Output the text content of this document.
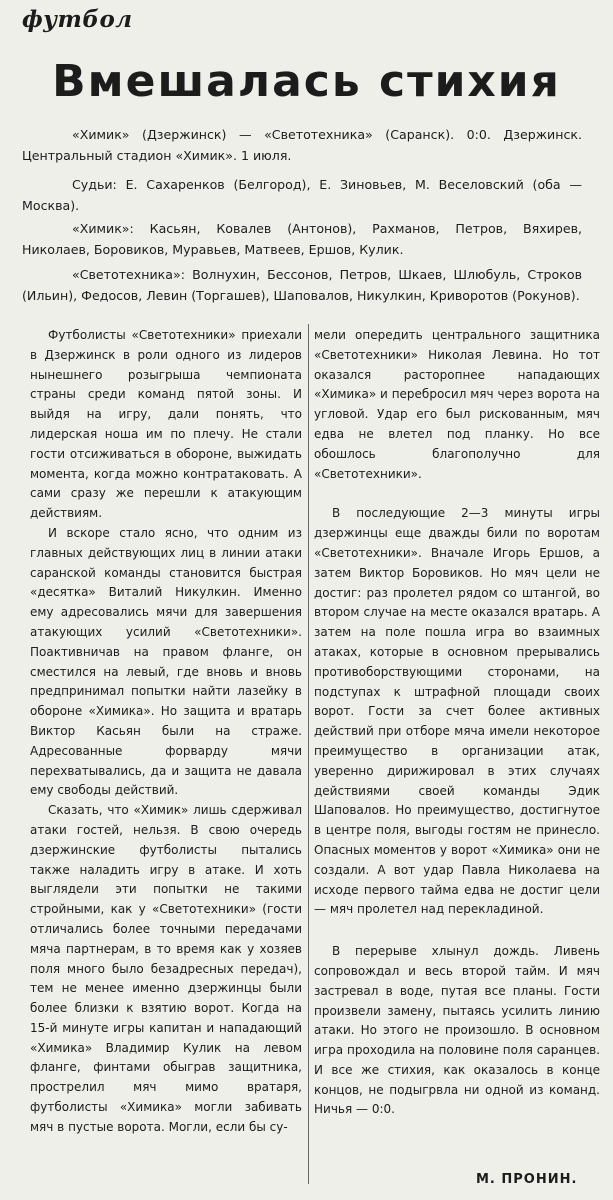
футбол
Вмешалась стихия

«Химик» (Дзержинск) — «Светотехника» (Саранск). 0:0. Дзержинск. Центральный стадион «Химик». 1 июля.

Судьи: Е. Сахаренков (Белгород), Е. Зиновьев, М. Веселовский (оба — Москва).

«Химик»: Касьян, Ковалев (Антонов), Рахманов, Петров, Вяхирев, Николаев, Боровиков, Муравьев, Матвеев, Ершов, Кулик.

«Светотехника»: Волнухин, Бессонов, Петров, Шкаев, Шлюбуль, Строков (Ильин), Федосов, Левин (Торгашев), Шаповалов, Никулкин, Криворотов (Рокунов).

Футболисты «Светотехники» приехали в Дзержинск в роли одного из лидеров нынешнего розыгрыша чемпионата страны среди команд пятой зоны. И выйдя на игру, дали понять, что лидерская ноша им по плечу. Не стали гости отсиживаться в обороне, выжидать момента, когда можно контратаковать. А сами сразу же перешли к атакующим действиям.

И вскоре стало ясно, что одним из главных действующих лиц в линии атаки саранской команды становится быстрая «десятка» Виталий Никулкин. Именно ему адресовались мячи для завершения атакующих усилий «Светотехники». Поактивничав на правом фланге, он сместился на левый, где вновь и вновь предпринимал попытки найти лазейку в обороне «Химика». Но защита и вратарь Виктор Касьян были на страже. Адресованные форварду мячи перехватывались, да и защита не давала ему свободы действий.

Сказать, что «Химик» лишь сдерживал атаки гостей, нельзя. В свою очередь дзержинские футболисты пытались также наладить игру в атаке. И хоть выглядели эти попытки не такими стройными, как у «Светотехники» (гости отличались более точными передачами мяча партнерам, в то время как у хозяев поля много было безадресных передач), тем не менее именно дзержинцы были более близки к взятию ворот. Когда на 15-й минуте игры капитан и нападающий «Химика» Владимир Кулик на левом фланге, финтами обыграв защитника, прострелил мяч мимо вратаря, футболисты «Химика» могли забивать мяч в пустые ворота. Могли, если бы су-

мели опередить центрального защитника «Светотехники» Николая Левина. Но тот оказался расторопнее нападающих «Химика» и перебросил мяч через ворота на угловой. Удар его был рискованным, мяч едва не влетел под планку. Но все обошлось благополучно для «Светотехники».

В последующие 2—3 минуты игры дзержинцы еще дважды били по воротам «Светотехники». Вначале Игорь Ершов, а затем Виктор Боровиков. Но мяч цели не достиг: раз пролетел рядом со штангой, во втором случае на месте оказался вратарь. А затем на поле пошла игра во взаимных атаках, которые в основном прерывались противоборствующими сторонами, на подступах к штрафной площади своих ворот. Гости за счет более активных действий при отборе мяча имели некоторое преимущество в организации атак, уверенно дирижировал в этих случаях действиями своей команды Эдик Шаповалов. Но преимущество, достигнутое в центре поля, выгоды гостям не принесло. Опасных моментов у ворот «Химика» они не создали. А вот удар Павла Николаева на исходе первого тайма едва не достиг цели — мяч пролетел над перекладиной.

В перерыве хлынул дождь. Ливень сопровождал и весь второй тайм. И мяч застревал в воде, путая все планы. Гости произвели замену, пытаясь усилить линию атаки. Но этого не произошло. В основном игра проходила на половине поля саранцев. И все же стихия, как оказалось в конце концов, не подыгрвла ни одной из команд. Ничья — 0:0.

М. ПРОНИН.
